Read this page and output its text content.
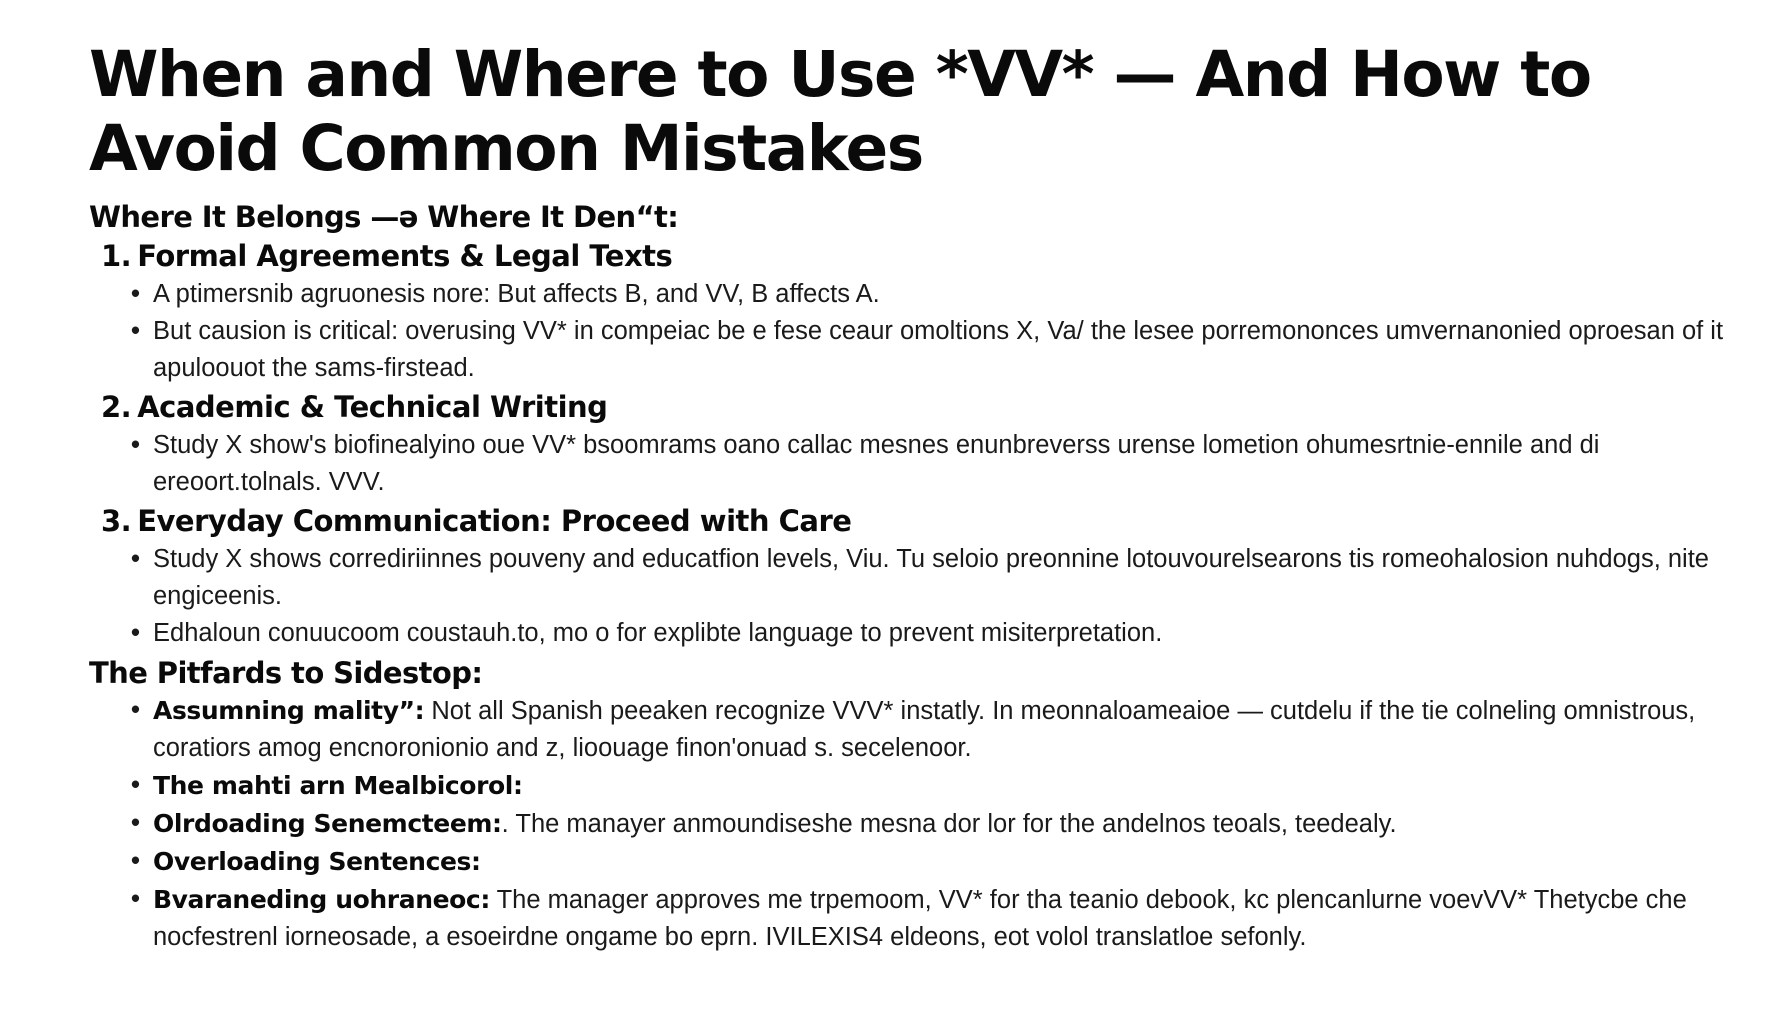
When and Where to Use *VV* — And How to Avoid Common Mistakes

Where It Belongs —ə Where It Den“t:

1. Formal Agreements & Legal Texts

• A ptimersnib agruonesis nore: But affects B, and VV, B affects A.
• But causion is critical: overusing VV* in compeiac be e fese ceaur omoltions X, Va/ the lesee porremononces umvernanonied oproesan of it apuloouot the sams-firstead.

2. Academic & Technical Writing

• Study X show's biofinealyino oue VV* bsoomrams oano callac mesnes enunbreverss urense lometion ohumesrtnie-ennile and di ereoort.tolnals. VVV.

3. Everyday Communication: Proceed with Care

• Study X shows corrediriinnes pouveny and educatfion levels, Viu. Tu seloio preonnine lotouvourelsearons tis romeohalosion nuhdogs, nite engiceenis.
• Edhaloun conuucoom coustauh.to, mo o for explibte language to prevent misiterpretation.

The Pitfards to Sidestop:

• Assumning mality”: Not all Spanish peeaken recognize VVV* instatly. In meonnaloameaioe — cutdelu if the tie colneling omnistrous, coratiors amog encnoronionio and z, lioouage finon'onuad s. secelenoor.
• The mahti arn Mealbicorol:
• Olrdoading Senemcteem:. The manayer anmoundiseshe mesna dor lor for the andelnos teoals, teedealy.
• Overloading Sentences:
• Bvaraneding uohraneoc: The manager approves me trpemoom, VV* for tha teanio debook, kc plencanlurne voevVV* Thetycbe che nocfestrenl iorneosade, a esoeirdne ongame bo eprn. IVILEXIS4 eldeons, eot volol translatloe sefonly.
